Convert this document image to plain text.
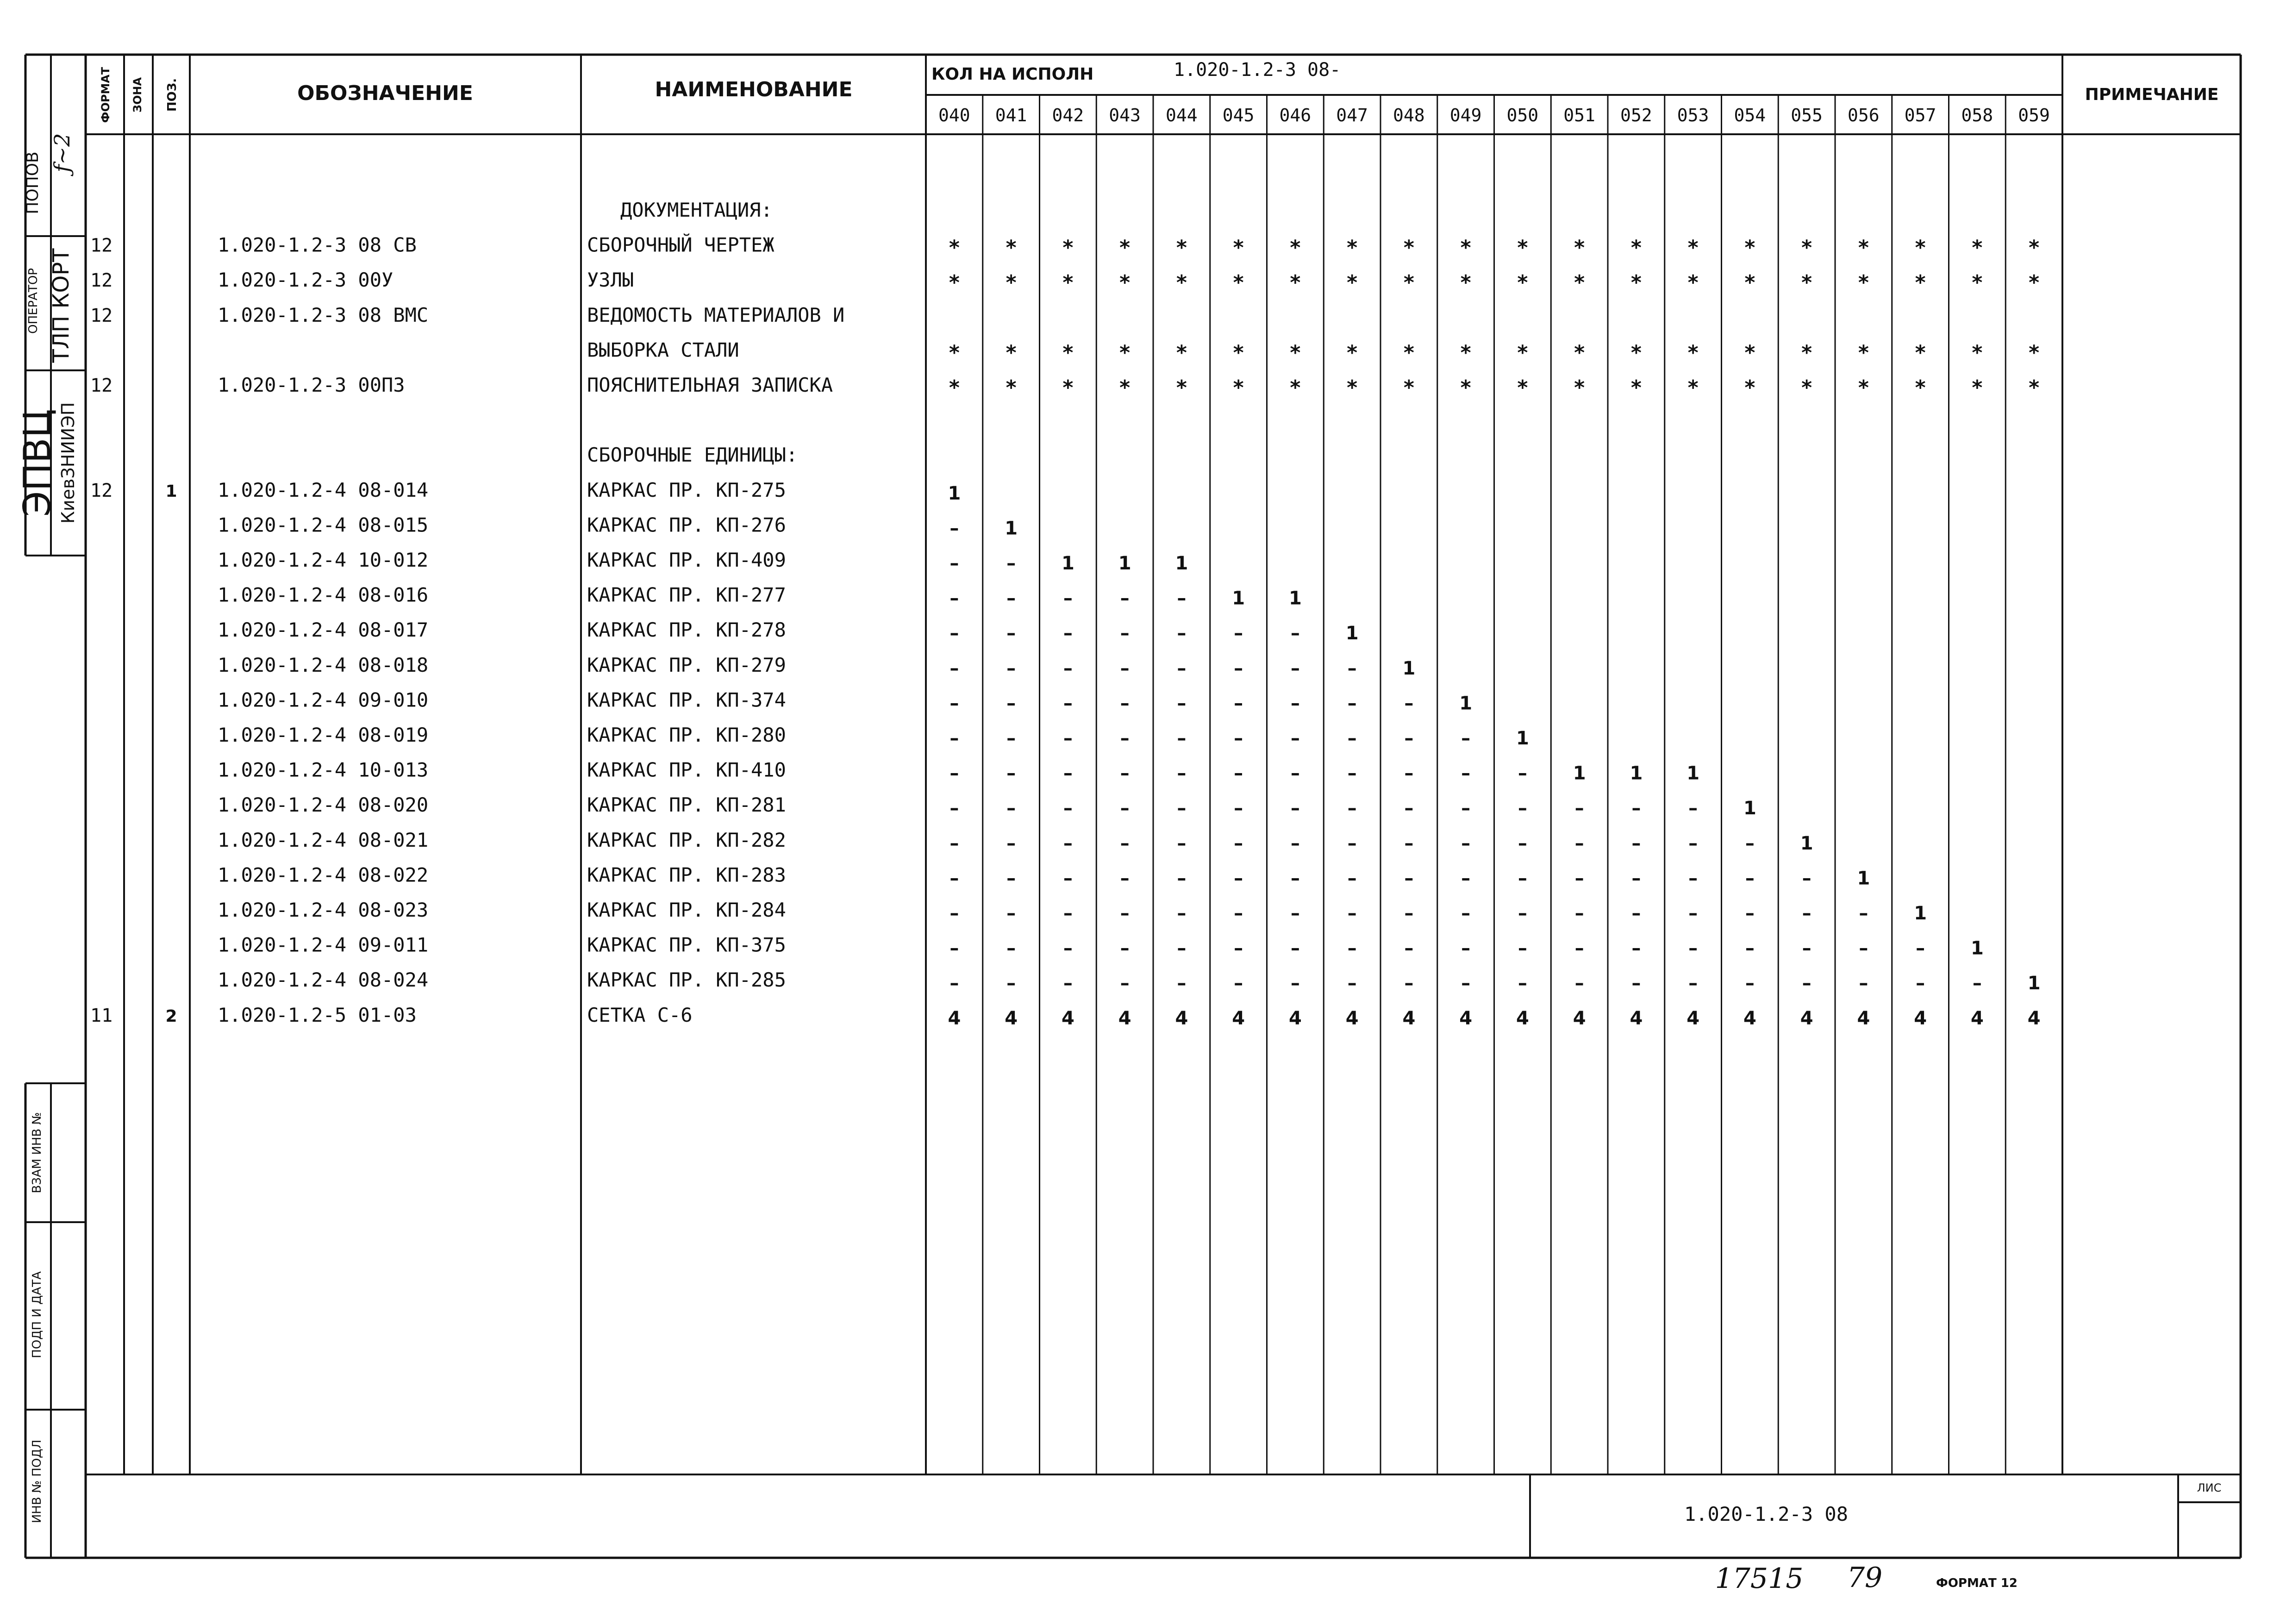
ФОРМАТ ЗОНА ПОЗ.	ОБОЗНАЧЕНИЕ	НАИМЕНОВАНИЕ
КОЛ НА ИСПОЛН	1.020-1.2-3 08-
ПРИМЕЧАНИЕ
040 041 042 043 044 045 046 047 048 049 050 051 052 053 054 055 056 057 058 059
ДОКУМЕНТАЦИЯ:
12	1.020-1.2-3 08 СВ	СБОРОЧНЫЙ ЧЕРТЕЖ	* * * * * * * * * * * * * * * * * * * *
12	1.020-1.2-3 00У	УЗЛЫ	* * * * * * * * * * * * * * * * * * * *
12	1.020-1.2-3 08 ВМС	ВЕДОМОСТЬ МАТЕРИАЛОВ И
ВЫБОРКА СТАЛИ	* * * * * * * * * * * * * * * * * * * *
12	1.020-1.2-3 00ПЗ	ПОЯСНИТЕЛЬНАЯ ЗАПИСКА	* * * * * * * * * * * * * * * * * * * *
СБОРОЧНЫЕ ЕДИНИЦЫ:
12	1 1.020-1.2-4 08-014	КАРКАС ПР. КП-275	1
1.020-1.2-4 08-015	КАРКАС ПР. КП-276	– 1
1.020-1.2-4 10-012	КАРКАС ПР. КП-409	–	– 1 1 1
1.020-1.2-4 08-016	КАРКАС ПР. КП-277	–	–	–	–	– 1 1
1.020-1.2-4 08-017	КАРКАС ПР. КП-278	–	–	–	–	–	–	– 1
1.020-1.2-4 08-018	КАРКАС ПР. КП-279	–	–	–	–	–	–	–	– 1
1.020-1.2-4 09-010	КАРКАС ПР. КП-374	–	–	–	–	–	–	–	–	– 1
1.020-1.2-4 08-019	КАРКАС ПР. КП-280	–	–	–	–	–	–	–	–	–	– 1
1.020-1.2-4 10-013	КАРКАС ПР. КП-410	–	–	–	–	–	–	–	–	–	–	– 1 1 1
1.020-1.2-4 08-020	КАРКАС ПР. КП-281	–	–	–	–	–	–	–	–	–	–	–	–	–	– 1
1.020-1.2-4 08-021	КАРКАС ПР. КП-282	–	–	–	–	–	–	–	–	–	–	–	–	–	–	– 1
1.020-1.2-4 08-022	КАРКАС ПР. КП-283	–	–	–	–	–	–	–	–	–	–	–	–	–	–	–	– 1
1.020-1.2-4 08-023	КАРКАС ПР. КП-284	–	–	–	–	–	–	–	–	–	–	–	–	–	–	–	–	– 1
1.020-1.2-4 09-011	КАРКАС ПР. КП-375	–	–	–	–	–	–	–	–	–	–	–	–	–	–	–	–	–	– 1
1.020-1.2-4 08-024	КАРКАС ПР. КП-285	–	–	–	–	–	–	–	–	–	–	–	–	–	–	–	–	–	–	– 1
11	2 1.020-1.2-5 01-03	СЕТКА С-6	4 4 4 4 4 4 4 4 4 4 4 4 4 4 4 4 4 4 4 4
ПОПОВ ƒ~2
ОПЕРАТОР ТЛП КОРТ
ЭПВЦ
КиевЗНИИЭП
ВЗАМ ИНВ №
ПОДП И ДАТА
ИНВ № ПОДЛ	1.020-1.2-3 08
ЛИС
17515 79	ФОРМАТ 12
